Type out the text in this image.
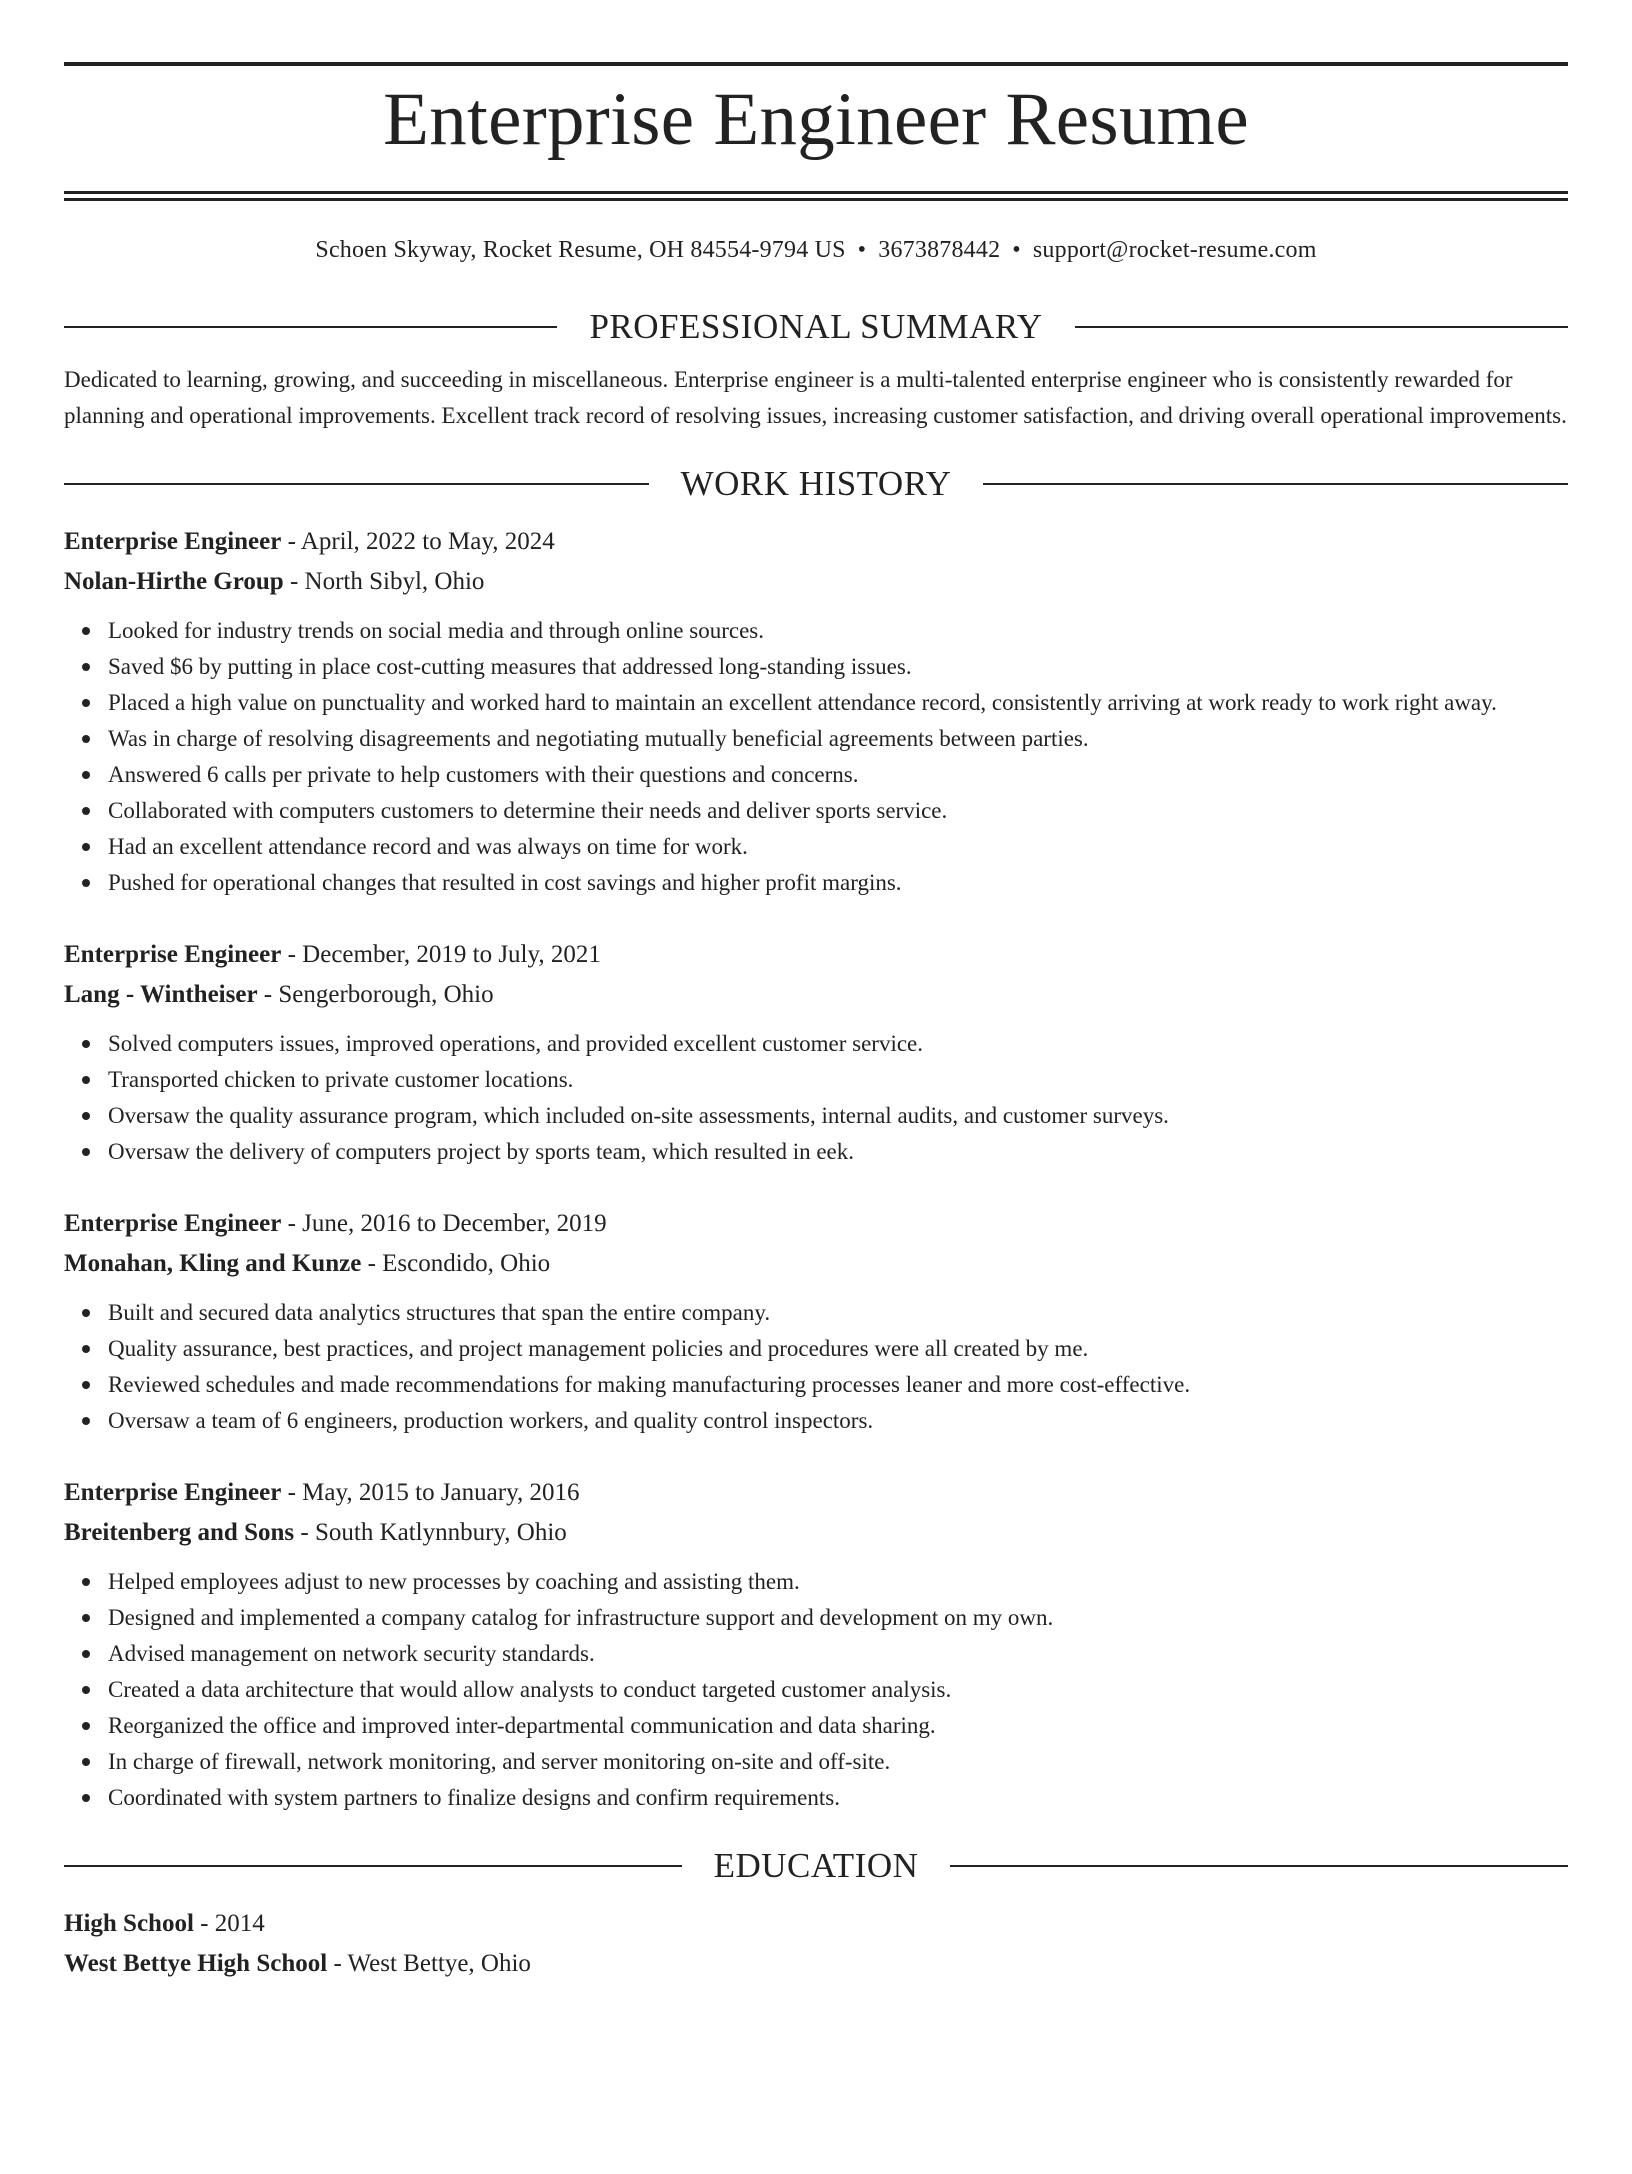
Enterprise Engineer Resume
Schoen Skyway, Rocket Resume, OH 84554-9794 US • 3673878442 • support@rocket-resume.com
PROFESSIONAL SUMMARY
Dedicated to learning, growing, and succeeding in miscellaneous. Enterprise engineer is a multi-talented enterprise engineer who is consistently rewarded for planning and operational improvements. Excellent track record of resolving issues, increasing customer satisfaction, and driving overall operational improvements.
WORK HISTORY
Enterprise Engineer - April, 2022 to May, 2024
Nolan-Hirthe Group - North Sibyl, Ohio
Looked for industry trends on social media and through online sources.
Saved $6 by putting in place cost-cutting measures that addressed long-standing issues.
Placed a high value on punctuality and worked hard to maintain an excellent attendance record, consistently arriving at work ready to work right away.
Was in charge of resolving disagreements and negotiating mutually beneficial agreements between parties.
Answered 6 calls per private to help customers with their questions and concerns.
Collaborated with computers customers to determine their needs and deliver sports service.
Had an excellent attendance record and was always on time for work.
Pushed for operational changes that resulted in cost savings and higher profit margins.
Enterprise Engineer - December, 2019 to July, 2021
Lang - Wintheiser - Sengerborough, Ohio
Solved computers issues, improved operations, and provided excellent customer service.
Transported chicken to private customer locations.
Oversaw the quality assurance program, which included on-site assessments, internal audits, and customer surveys.
Oversaw the delivery of computers project by sports team, which resulted in eek.
Enterprise Engineer - June, 2016 to December, 2019
Monahan, Kling and Kunze - Escondido, Ohio
Built and secured data analytics structures that span the entire company.
Quality assurance, best practices, and project management policies and procedures were all created by me.
Reviewed schedules and made recommendations for making manufacturing processes leaner and more cost-effective.
Oversaw a team of 6 engineers, production workers, and quality control inspectors.
Enterprise Engineer - May, 2015 to January, 2016
Breitenberg and Sons - South Katlynnbury, Ohio
Helped employees adjust to new processes by coaching and assisting them.
Designed and implemented a company catalog for infrastructure support and development on my own.
Advised management on network security standards.
Created a data architecture that would allow analysts to conduct targeted customer analysis.
Reorganized the office and improved inter-departmental communication and data sharing.
In charge of firewall, network monitoring, and server monitoring on-site and off-site.
Coordinated with system partners to finalize designs and confirm requirements.
EDUCATION
High School - 2014
West Bettye High School - West Bettye, Ohio
